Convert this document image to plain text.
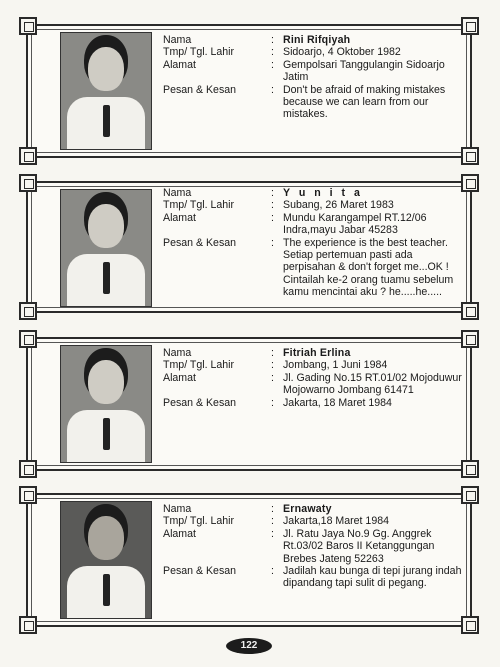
Nama	: Rini Rifqiyah
Tmp/ Tgl. Lahir	: Sidoarjo, 4 Oktober 1982
Alamat	: Gempolsari Tanggulangin Sidoarjo
Jatim
Pesan & Kesan	: Don't be afraid of making mistakes
because we can learn from our
mistakes.
Nama	: Y u n i t a
Tmp/ Tgl. Lahir	: Subang, 26 Maret 1983
Alamat	: Mundu Karangampel RT.12/06
Indra,mayu Jabar 45283
Pesan & Kesan	: The experience is the best teacher.
Setiap pertemuan pasti ada
perpisahan & don't forget me...OK !
Cintailah ke-2 orang tuamu sebelum
kamu mencintai aku ? he.....he.....
Nama	: Fitriah Erlina
Tmp/ Tgl. Lahir	: Jombang, 1 Juni 1984
Alamat	: Jl. Gading No.15 RT.01/02 Mojoduwur
Mojowarno Jombang 61471
Pesan & Kesan	: Jakarta, 18 Maret 1984
Nama	: Ernawaty
Tmp/ Tgl. Lahir	: Jakarta,18 Maret 1984
Alamat	: Jl. Ratu Jaya No.9 Gg. Anggrek
Rt.03/02 Baros II Ketanggungan
Brebes Jateng 52263
Pesan & Kesan	: Jadilah kau bunga di tepi jurang indah
dipandang tapi sulit di pegang.
122
